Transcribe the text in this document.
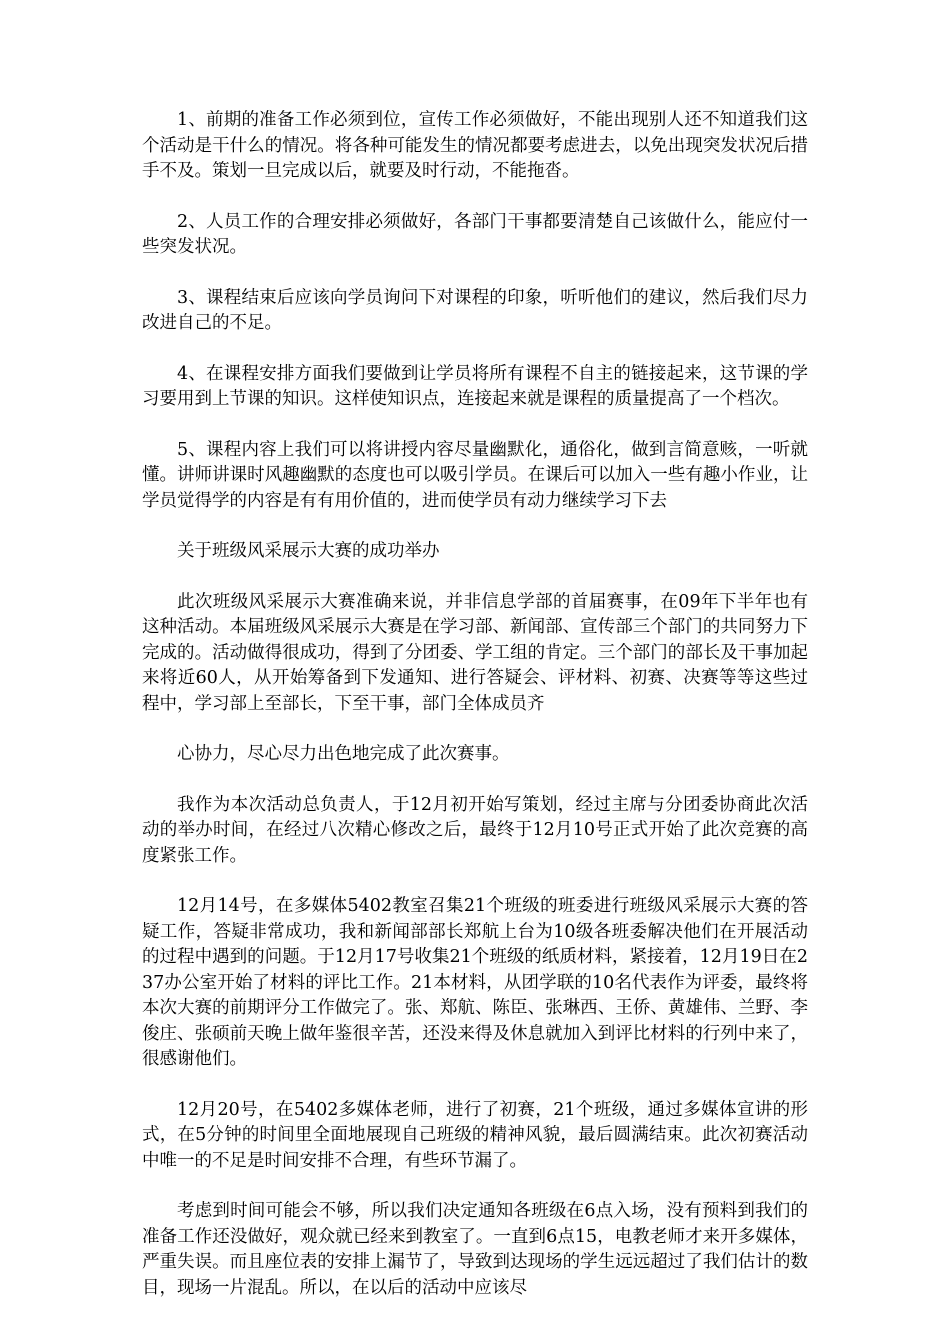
1、前期的准备工作必须到位，宣传工作必须做好，不能出现别人还不知道我们这个活动是干什么的情况。将各种可能发生的情况都要考虑进去，以免出现突发状况后措手不及。策划一旦完成以后，就要及时行动，不能拖沓。

2、人员工作的合理安排必须做好，各部门干事都要清楚自己该做什么，能应付一些突发状况。

3、课程结束后应该向学员询问下对课程的印象，听听他们的建议，然后我们尽力改进自己的不足。

4、在课程安排方面我们要做到让学员将所有课程不自主的链接起来，这节课的学习要用到上节课的知识。这样使知识点，连接起来就是课程的质量提高了一个档次。

5、课程内容上我们可以将讲授内容尽量幽默化，通俗化，做到言简意赅，一听就懂。讲师讲课时风趣幽默的态度也可以吸引学员。在课后可以加入一些有趣小作业，让学员觉得学的内容是有有用价值的，进而使学员有动力继续学习下去

关于班级风采展示大赛的成功举办

此次班级风采展示大赛准确来说，并非信息学部的首届赛事，在09年下半年也有这种活动。本届班级风采展示大赛是在学习部、新闻部、宣传部三个部门的共同努力下完成的。活动做得很成功，得到了分团委、学工组的肯定。三个部门的部长及干事加起来将近60人，从开始筹备到下发通知、进行答疑会、评材料、初赛、决赛等等这些过程中，学习部上至部长，下至干事，部门全体成员齐

心协力，尽心尽力出色地完成了此次赛事。

我作为本次活动总负责人，于12月初开始写策划，经过主席与分团委协商此次活动的举办时间，在经过八次精心修改之后，最终于12月10号正式开始了此次竞赛的高度紧张工作。

12月14号，在多媒体5402教室召集21个班级的班委进行班级风采展示大赛的答疑工作，答疑非常成功，我和新闻部部长郑航上台为10级各班委解决他们在开展活动的过程中遇到的问题。于12月17号收集21个班级的纸质材料，紧接着，12月19日在237办公室开始了材料的评比工作。21本材料，从团学联的10名代表作为评委，最终将本次大赛的前期评分工作做完了。张、郑航、陈臣、张琳西、王侨、黄雄伟、兰野、李俊庄、张硕前天晚上做年鉴很辛苦，还没来得及休息就加入到评比材料的行列中来了，很感谢他们。

12月20号，在5402多媒体老师，进行了初赛，21个班级，通过多媒体宣讲的形式，在5分钟的时间里全面地展现自己班级的精神风貌，最后圆满结束。此次初赛活动中唯一的不足是时间安排不合理，有些环节漏了。

考虑到时间可能会不够，所以我们决定通知各班级在6点入场，没有预料到我们的准备工作还没做好，观众就已经来到教室了。一直到6点15，电教老师才来开多媒体，严重失误。而且座位表的安排上漏节了，导致到达现场的学生远远超过了我们估计的数目，现场一片混乱。所以，在以后的活动中应该尽
